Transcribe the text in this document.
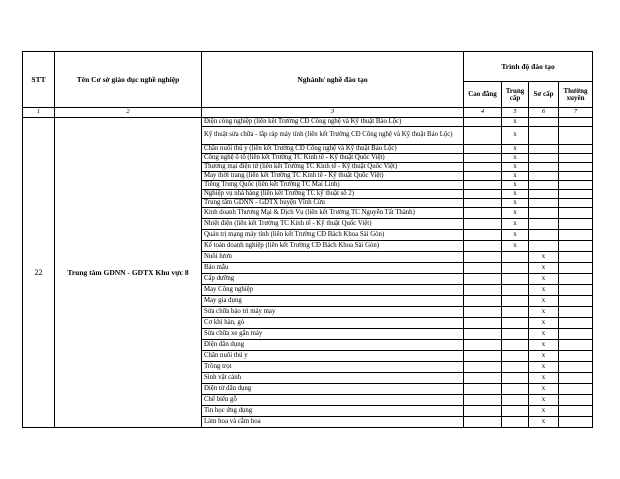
STT	Tên Cơ sở giáo dục nghề nghiệp	Nghành/ nghề đào tạo	Trình độ đào tạo			
			Cao đẳng	Trung cấp	Sơ cấp	Thường xuyên
1	2	3	4	5	6	7
22	Trung tâm GDNN - GDTX Khu vực 8	Điện công nghiệp (liên kết Trường CĐ Công nghệ và Kỹ thuật Bảo Lộc)		x		
		Kỹ thuật sửa chữa - lắp ráp máy tính (liên kết Trường CĐ Công nghệ và Kỹ thuật Bảo Lộc)		x		
		Chăn nuôi thú y (liên kết Trường CĐ Công nghệ và Kỹ thuật Bảo Lộc)		x		
		Công nghệ ô tô (liên kết Trường TC Kinh tế - Kỹ thuật Quốc Việt)		x		
		Thương mại điện tử (liên kết Trường TC Kinh tế - Kỹ thuật Quốc Việt)		x		
		May thời trang (liên kết Trường TC Kinh tế - Kỹ thuật Quốc Việt)		x		
		Tiếng Trung Quốc (liên kết Trường TC Mai Linh)		x		
		Nghiệp vụ nhà hàng (liên kết Trường TC kỹ thuật số 2)		x		
		Trung tâm GDNN - GDTX huyện Vĩnh Cửu		x		
		Kinh doanh Thương Mại & Dịch Vụ (liên kết Trường TC Nguyễn Tất Thành)		x		
		Nhiệt điện (liên kết Trường TC Kinh tế - Kỹ thuật Quốc Việt)		x		
		Quản trị mạng máy tính (liên kết Trường CĐ Bách Khoa Sài Gòn)		x		
		Kế toán doanh nghiệp (liên kết Trường CĐ Bách Khoa Sài Gòn)		x		
		Nuôi lươn			x	
		Bảo mẫu			x	
		Cấp dưỡng			x	
		May Công nghiệp			x	
		May gia dụng			x	
		Sửa chữa bảo trì máy may			x	
		Cơ khí hàn, gò			x	
		Sửa chữa xe gắn máy			x	
		Điện dân dụng			x	
		Chăn nuôi thú y			x	
		Trồng trọt			x	
		Sinh vật cảnh			x	
		Điện tử dân dụng			x	
		Chế biến gỗ			x	
		Tin học ứng dụng			x	
		Làm hoa và cắm hoa			x	
